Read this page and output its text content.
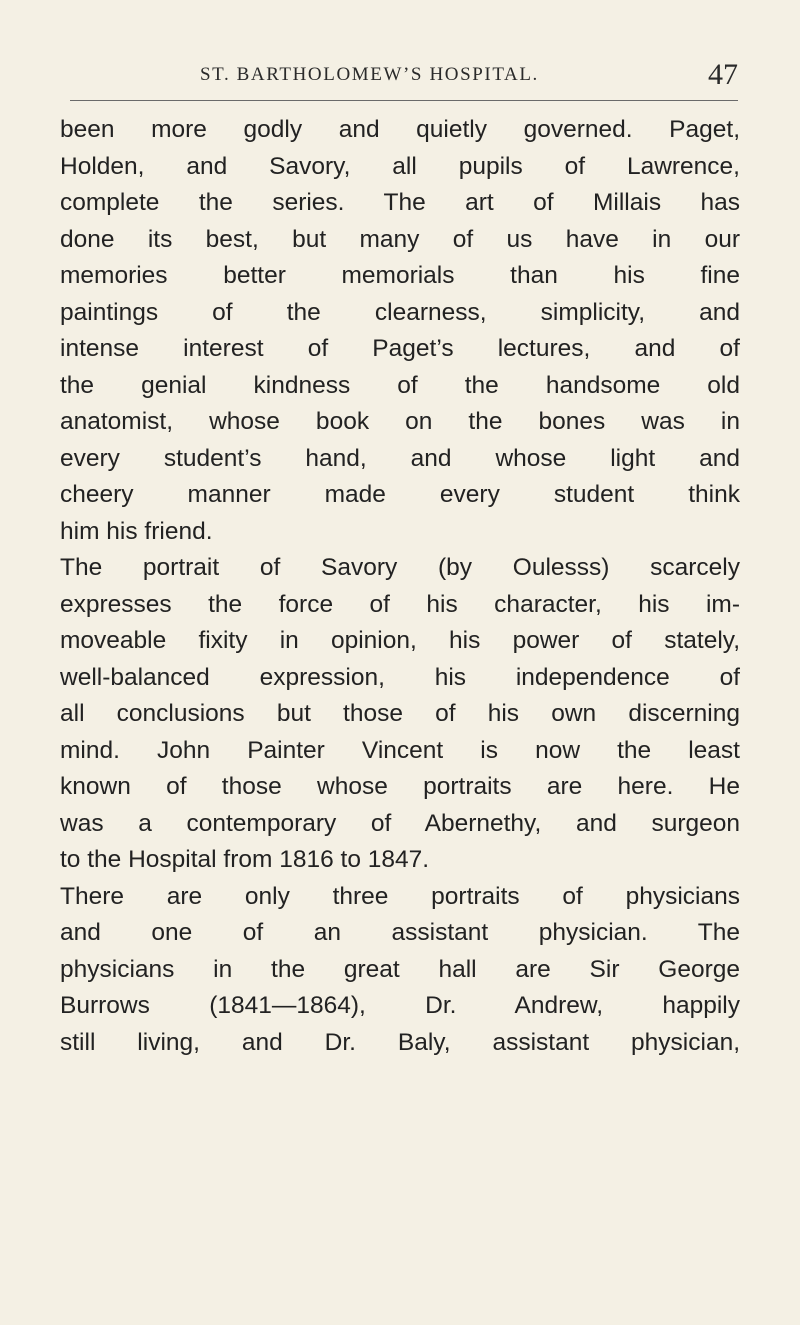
ST. BARTHOLOMEW’S HOSPITAL.	47
been more godly and quietly governed. Paget,
Holden, and Savory, all pupils of Lawrence,
complete the series. The art of Millais has
done its best, but many of us have in our
memories better memorials than his fine
paintings of the clearness, simplicity, and
intense interest of Paget’s lectures, and of
the genial kindness of the handsome old
anatomist, whose book on the bones was in
every student’s hand, and whose light and
cheery manner made every student think
him his friend.
The portrait of Savory (by Oulesss) scarcely
expresses the force of his character, his im-
moveable fixity in opinion, his power of stately,
well-balanced expression, his independence of
all conclusions but those of his own discerning
mind. John Painter Vincent is now the least
known of those whose portraits are here. He
was a contemporary of Abernethy, and surgeon
to the Hospital from 1816 to 1847.
There are only three portraits of physicians
and one of an assistant physician. The
physicians in the great hall are Sir George
Burrows (1841—1864), Dr. Andrew, happily
still living, and Dr. Baly, assistant physician,
